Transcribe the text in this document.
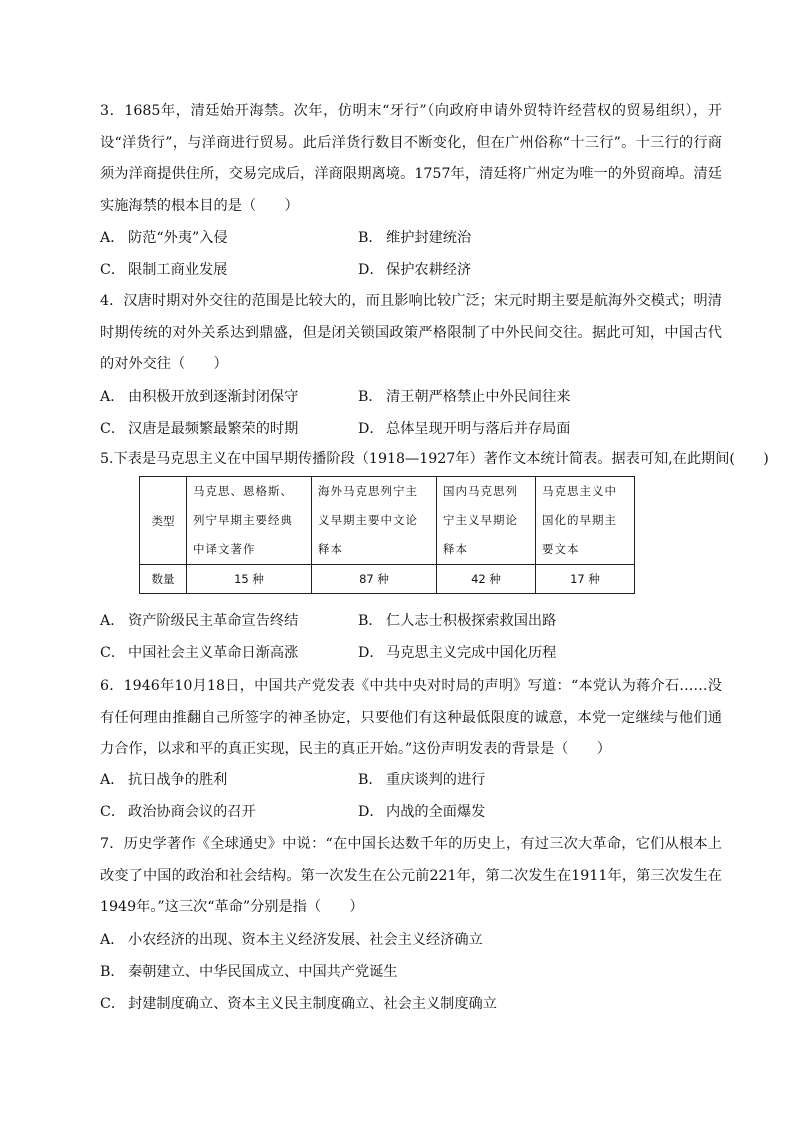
3．1685年，清廷始开海禁。次年，仿明末“牙行”（向政府申请外贸特许经营权的贸易组织），开设“洋货行”，与洋商进行贸易。此后洋货行数目不断变化，但在广州俗称“十三行”。十三行的行商须为洋商提供住所，交易完成后，洋商限期离境。1757年，清廷将广州定为唯一的外贸商埠。清廷实施海禁的根本目的是（　　）
A． 防范“外夷”入侵	B． 维护封建统治
C． 限制工商业发展	D． 保护农耕经济
4．汉唐时期对外交往的范围是比较大的，而且影响比较广泛；宋元时期主要是航海外交模式；明清时期传统的对外关系达到鼎盛，但是闭关锁国政策严格限制了中外民间交往。据此可知，中国古代的对外交往（　　）
A． 由积极开放到逐渐封闭保守	B． 清王朝严格禁止中外民间往来
C． 汉唐是最频繁最繁荣的时期	D． 总体呈现开明与落后并存局面
5.下表是马克思主义在中国早期传播阶段（1918—1927年）著作文本统计简表。据表可知,在此期间(　　)
类型	马克思、恩格斯、列宁早期主要经典中译文著作	海外马克思列宁主义早期主要中文论释本	国内马克思列宁主义早期论释本	马克思主义中国化的早期主要文本
数量	15 种	87 种	42 种	17 种
A． 资产阶级民主革命宣告终结	B． 仁人志士积极探索救国出路
C． 中国社会主义革命日渐高涨	D． 马克思主义完成中国化历程
6．1946年10月18日，中国共产党发表《中共中央对时局的声明》写道：“本党认为蒋介石……没有任何理由推翻自己所签字的神圣协定，只要他们有这种最低限度的诚意，本党一定继续与他们通力合作，以求和平的真正实现，民主的真正开始。”这份声明发表的背景是（　　）
A． 抗日战争的胜利	B． 重庆谈判的进行
C． 政治协商会议的召开	D． 内战的全面爆发
7．历史学著作《全球通史》中说：“在中国长达数千年的历史上，有过三次大革命，它们从根本上改变了中国的政治和社会结构。第一次发生在公元前221年，第二次发生在1911年，第三次发生在1949年。”这三次“革命”分别是指（　　）
A． 小农经济的出现、资本主义经济发展、社会主义经济确立
B． 秦朝建立、中华民国成立、中国共产党诞生
C． 封建制度确立、资本主义民主制度确立、社会主义制度确立
